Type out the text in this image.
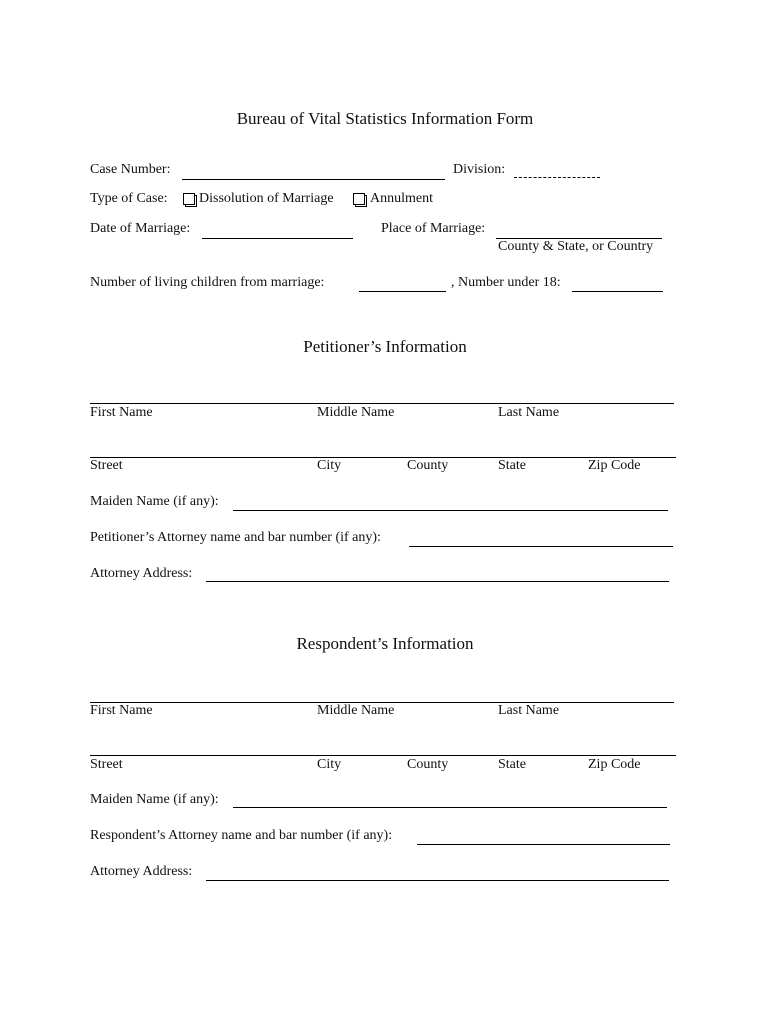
Bureau of Vital Statistics Information Form
Case Number:	Division:
Type of Case: Dissolution of Marriage	Annulment
Date of Marriage:	Place of Marriage:
County & State, or Country
Number of living children from marriage:	, Number under 18:
Petitioner’s Information
First Name	Middle Name	Last Name
Street	City	County	State	Zip Code
Maiden Name (if any):
Petitioner’s Attorney name and bar number (if any):
Attorney Address:
Respondent’s Information
First Name	Middle Name	Last Name
Street	City	County	State	Zip Code
Maiden Name (if any):
Respondent’s Attorney name and bar number (if any):
Attorney Address:
